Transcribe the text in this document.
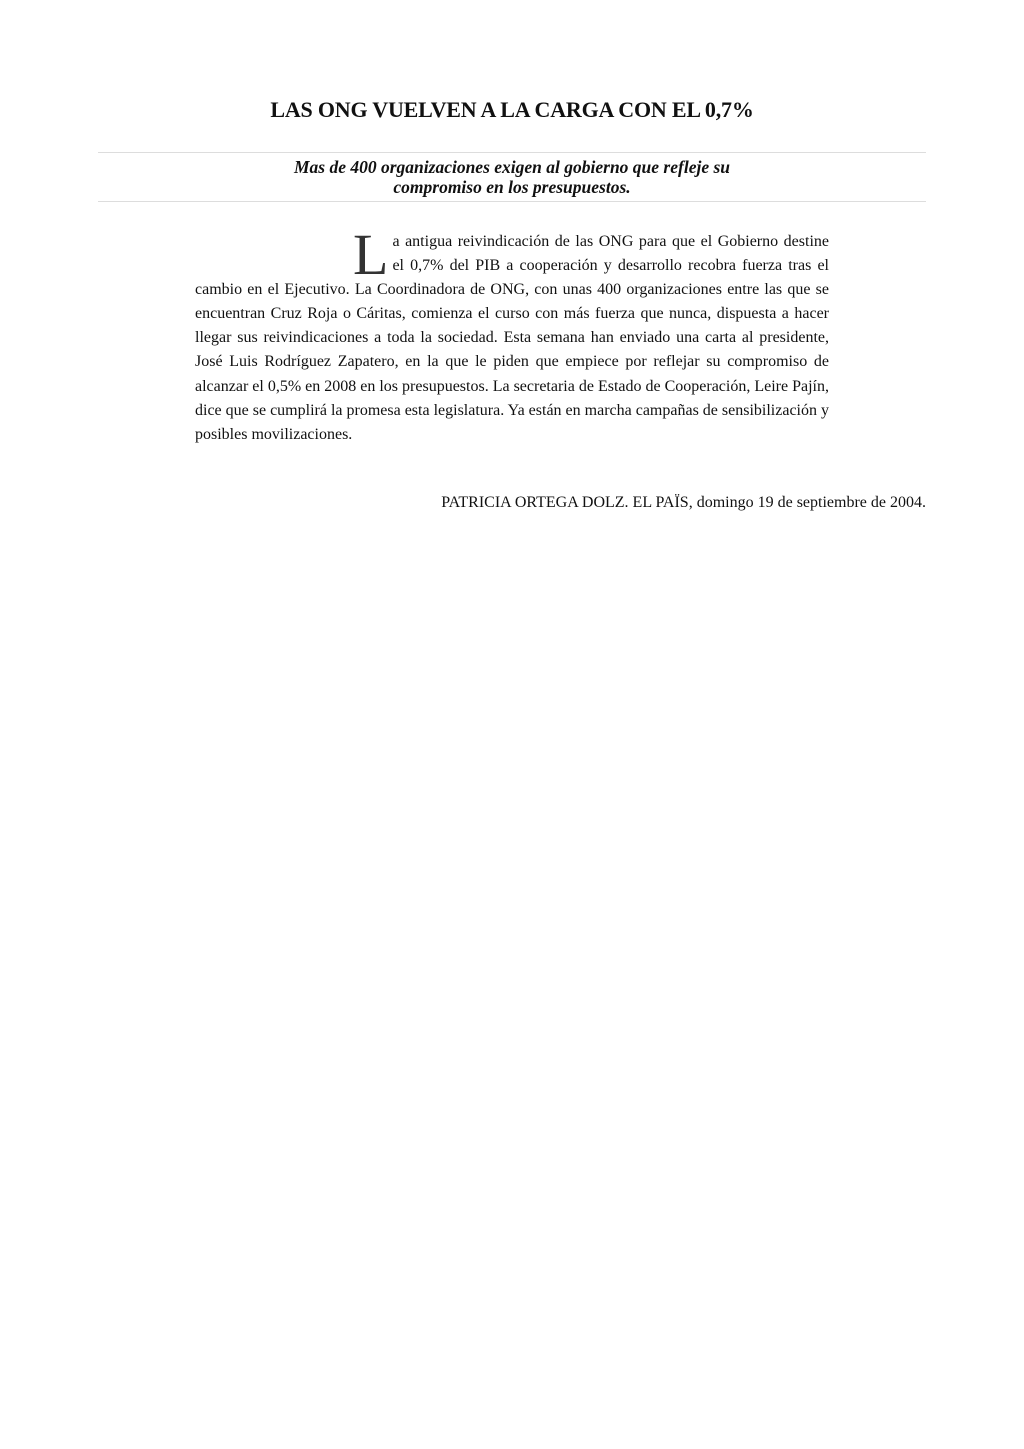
LAS ONG VUELVEN A LA CARGA CON EL 0,7%

Mas de 400 organizaciones exigen al gobierno que refleje su compromiso en los presupuestos.

La antigua reivindicación de las ONG para que el Gobierno destine el 0,7% del PIB a cooperación y desarrollo recobra fuerza tras el cambio en el Ejecutivo. La Coordinadora de ONG, con unas 400 organizaciones entre las que se encuentran Cruz Roja o Cáritas, comienza el curso con más fuerza que nunca, dispuesta a hacer llegar sus reivindicaciones a toda la sociedad. Esta semana han enviado una carta al presidente, José Luis Rodríguez Zapatero, en la que le piden que empiece por reflejar su compromiso de alcanzar el 0,5% en 2008 en los presupuestos. La secretaria de Estado de Cooperación, Leire Pajín, dice que se cumplirá la promesa esta legislatura. Ya están en marcha campañas de sensibilización y posibles movilizaciones.

PATRICIA ORTEGA DOLZ. EL PAÏS, domingo 19 de septiembre de 2004.
